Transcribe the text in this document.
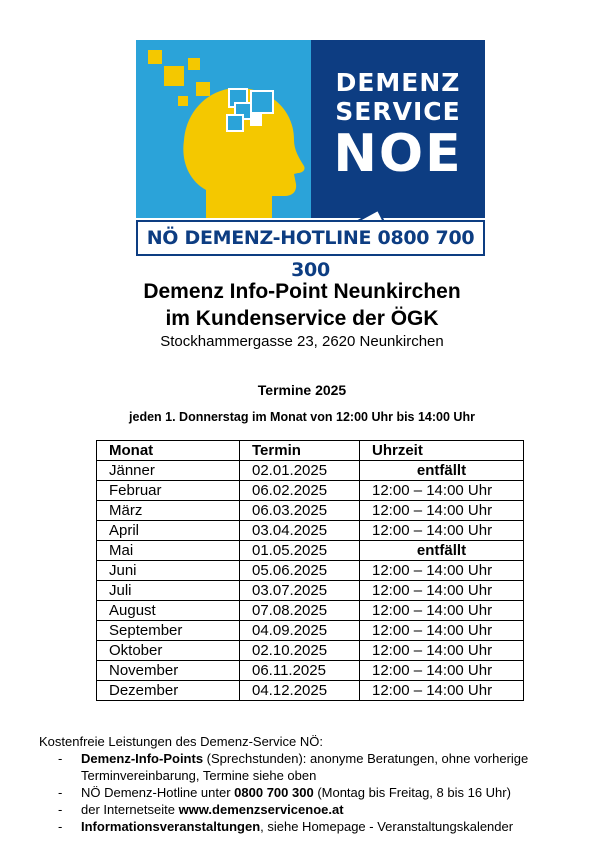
DEMENZ
SERVICE
NOE
NÖ DEMENZ-HOTLINE 0800 700 300
Demenz Info-Point Neunkirchen
im Kundenservice der ÖGK
Stockhammergasse 23, 2620 Neunkirchen
Termine 2025
jeden 1. Donnerstag im Monat von 12:00 Uhr bis 14:00 Uhr
Monat	Termin	Uhrzeit
Jänner	02.01.2025	entfällt
Februar	06.02.2025	12:00 – 14:00 Uhr
März	06.03.2025	12:00 – 14:00 Uhr
April	03.04.2025	12:00 – 14:00 Uhr
Mai	01.05.2025	entfällt
Juni	05.06.2025	12:00 – 14:00 Uhr
Juli	03.07.2025	12:00 – 14:00 Uhr
August	07.08.2025	12:00 – 14:00 Uhr
September	04.09.2025	12:00 – 14:00 Uhr
Oktober	02.10.2025	12:00 – 14:00 Uhr
November	06.11.2025	12:00 – 14:00 Uhr
Dezember	04.12.2025	12:00 – 14:00 Uhr
Kostenfreie Leistungen des Demenz-Service NÖ:
- Demenz-Info-Points (Sprechstunden): anonyme Beratungen, ohne vorherige Terminvereinbarung, Termine siehe oben
- NÖ Demenz-Hotline unter 0800 700 300 (Montag bis Freitag, 8 bis 16 Uhr)
- der Internetseite www.demenzservicenoe.at
- Informationsveranstaltungen, siehe Homepage - Veranstaltungskalender
